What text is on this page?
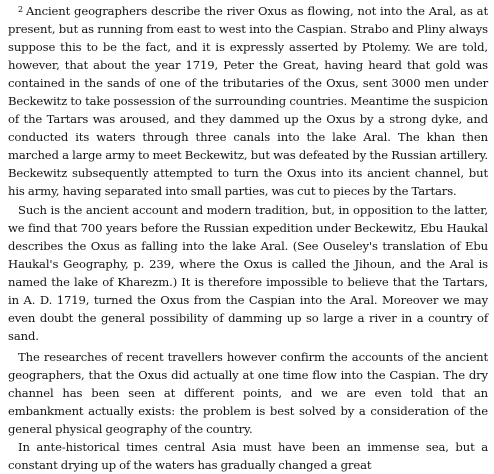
$^2$ Ancient geographers describe the river Oxus as flowing, not into the Aral, as at present, but as running from east to west into the Caspian. Strabo and Pliny always suppose this to be the fact, and it is expressly asserted by Ptolemy. We are told, however, that about the year 1719, Peter the Great, having heard that gold was contained in the sands of one of the tributaries of the Oxus, sent 3000 men under Beckewitz to take possession of the surrounding countries. Meantime the suspicion of the Tartars was aroused, and they dammed up the Oxus by a strong dyke, and conducted its waters through three canals into the lake Aral. The khan then marched a large army to meet Beckewitz, but was defeated by the Russian artillery. Beckewitz subsequently attempted to turn the Oxus into its ancient channel, but his army, having separated into small parties, was cut to pieces by the Tartars.

Such is the ancient account and modern tradition, but, in opposition to the latter, we find that 700 years before the Russian expedition under Beckewitz, Ebu Haukal describes the Oxus as falling into the lake Aral. (See Ouseley's translation of Ebu Haukal's Geography, p. 239, where the Oxus is called the Jihoun, and the Aral is named the lake of Kharezm.) It is therefore impossible to believe that the Tartars, in A. D. 1719, turned the Oxus from the Caspian into the Aral. Moreover we may even doubt the general possibility of damming up so large a river in a country of sand.

The researches of recent travellers however confirm the accounts of the ancient geographers, that the Oxus did actually at one time flow into the Caspian. The dry channel has been seen at different points, and we are even told that an embankment actually exists: the problem is best solved by a consideration of the general physical geography of the country.

In ante-historical times central Asia must have been an immense sea, but a constant drying up of the waters has gradually changed a great
